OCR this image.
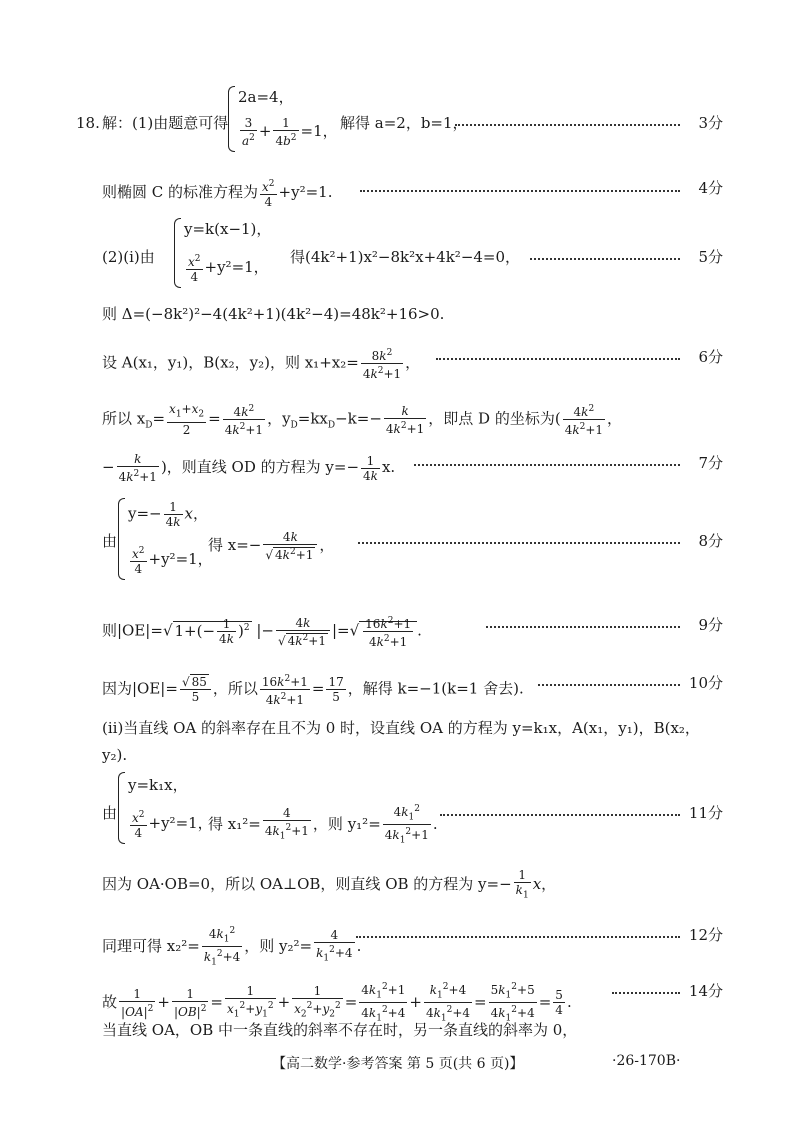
18. 解：(1)由题意可得
2a=4，
$\frac{3}{a^2} + \frac{1}{4b^2} =1$， 解得 a=2，b=1，	3分
则椭圆 C 的标准方程为 $\frac{x^2}{4} +y^2=1$.	4分
(2)(ⅰ)由
y=k(x−1)，
$\frac{x^2}{4} +y^2=1$，
得(4k²+1)x²−8k²x+4k²−4=0，	5分
则 Δ=(−8k²)²−4(4k²+1)(4k²−4)=48k²+16>0.
设 A(x₁，y₁)，B(x₂，y₂)，则 $x_1+x_2= \frac{8k^2}{4k^2+1}$ ，	6分
所以 $x_D= \frac{x_1+x_2}{2} = \frac{4k^2}{4k^2+1}$ ，$y_D=kx_D-k=- \frac{k}{4k^2+1}$ ，即点 D 的坐标为( $\frac{4k^2}{4k^2+1}$ ，
− $\frac{k}{4k^2+1}$ )，则直线 OD 的方程为 $y=- \frac{1}{4k} x$.	7分
由
$y=- \frac{1}{4k}$ x，
$\frac{x^2}{4} +y^2=1$，
得 $x=- \frac{4k}{√ 4k^2+1}$ ，	8分
则|OE|=√ $1+(- \frac{1}{4k} )^2$ |− $\frac{4k}{√ 4k^2+1}$ |=√ $\frac{16k^2+1}{4k^2+1}$ .	9分
因为$|OE|= \frac{√ 85}{5}$ ，所以 $\frac{16k^2+1}{4k^2+1} = \frac{17}{5}$ ，解得 k=−1(k=1 舍去).	10分
(ⅱ)当直线 OA 的斜率存在且不为 0 时，设直线 OA 的方程为 y=k₁x，A(x₁，y₁)，B(x₂，
y₂).
由
y=k₁x，
$\frac{x^2}{4} +y^2=1$，
得 $x_1^2= \frac{4}{4k_1^2+1}$ ，则 $y_1^2= \frac{4k_1^2}{4k_1^2+1}$ .
11分
因为 OA·OB=0，所以 OA⊥OB，则直线 OB 的方程为 $y=- \frac{1}{k_1}$ x，
同理可得 $x_2^2= \frac{4k_1^2}{k_1^2+4}$ ，则 $y_2^2= \frac{4}{k_1^2+4}$ .
12分
故 $\frac{1}{|OA|^2} + \frac{1}{|OB|^2} = \frac{1}{x_1^2+y_1^2} + \frac{1}{x_2^2+y_2^2} = \frac{4k_1^2+1}{4k_1^2+4} + \frac{k_1^2+4}{4k_1^2+4} = \frac{5k_1^2+5}{4k_1^2+4} = \frac{5}{4}$ .
14分
当直线 OA，OB 中一条直线的斜率不存在时，另一条直线的斜率为 0，
【高二数学·参考答案 第 5 页(共 6 页)】	·26-170B·
